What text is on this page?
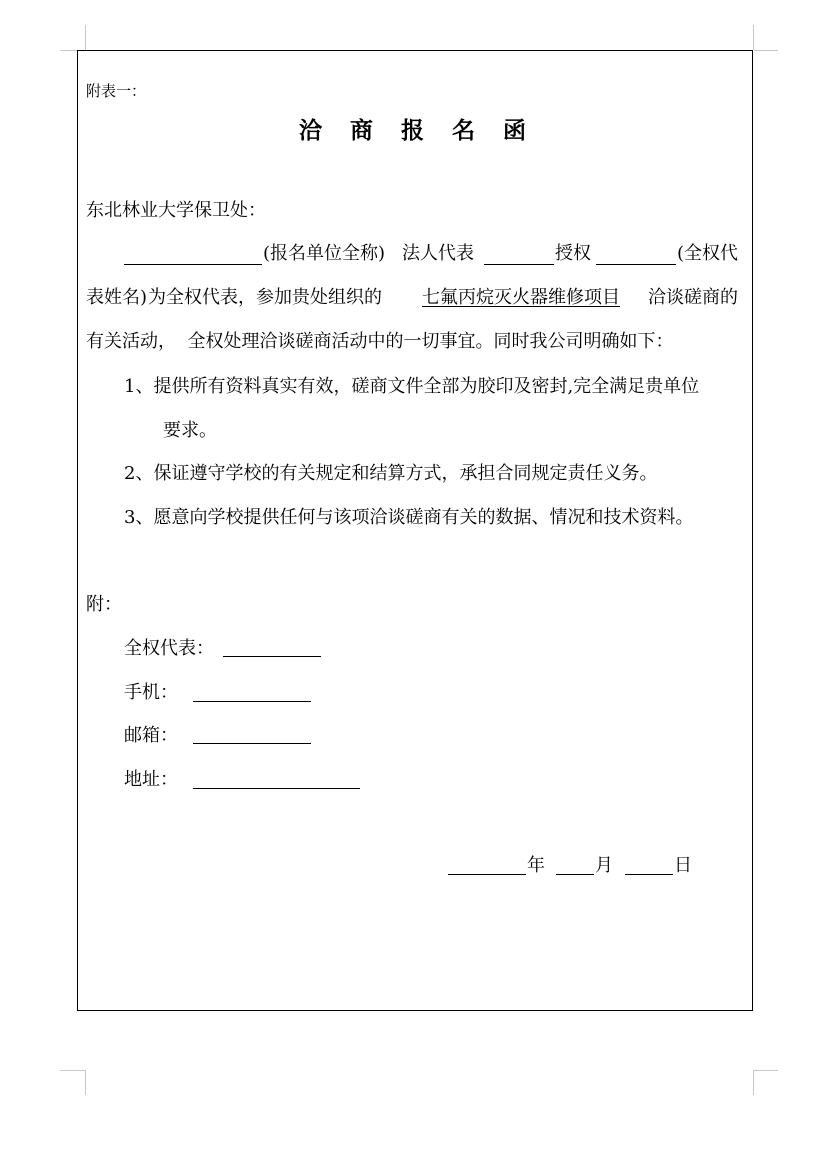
附表一：
洽 商 报 名 函
东北林业大学保卫处：
(报名单位全称) 法人代表	授权	(全权代
表姓名) 为全权代表，参加贵处组织的 七氟丙烷灭火器维修项目 洽谈磋商的
有关活动，  全权处理洽谈磋商活动中的一切事宜。同时我公司明确如下：
1、提供所有资料真实有效，磋商文件全部为胶印及密封,完全满足贵单位
要求。
2、保证遵守学校的有关规定和结算方式，承担合同规定责任义务。
3、愿意向学校提供任何与该项洽谈磋商有关的数据、情况和技术资料。
附：
全权代表：
手机：
邮箱：
地址：
年	月	日
